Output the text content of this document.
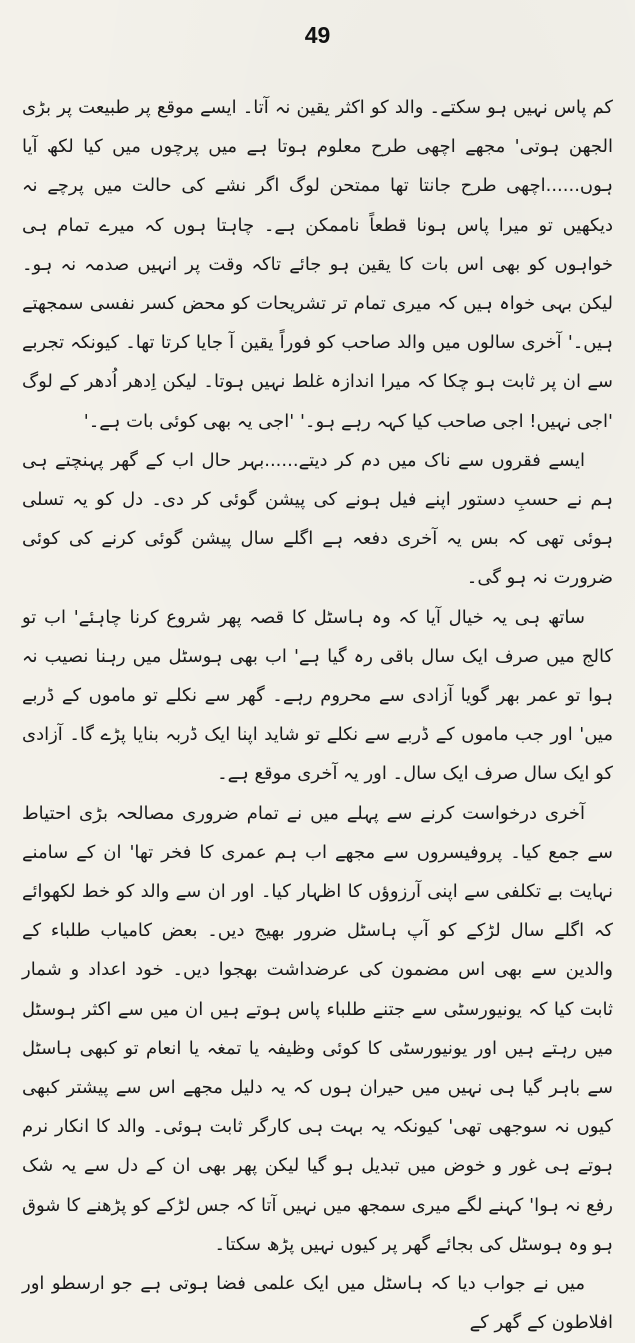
49

کم پاس نہیں ہو سکتے۔ والد کو اکثر یقین نہ آتا۔ ایسے موقع پر طبیعت پر بڑی الجھن ہوتی' مجھے اچھی طرح معلوم ہوتا ہے میں پرچوں میں کیا لکھ آیا ہوں......اچھی طرح جانتا تھا ممتحن لوگ اگر نشے کی حالت میں پرچے نہ دیکھیں تو میرا پاس ہونا قطعاً ناممکن ہے۔ چاہتا ہوں کہ میرے تمام ہی خواہوں کو بھی اس بات کا یقین ہو جائے تاکہ وقت پر انہیں صدمہ نہ ہو۔ لیکن بہی خواہ ہیں کہ میری تمام تر تشریحات کو محض کسر نفسی سمجھتے ہیں۔' آخری سالوں میں والد صاحب کو فوراً یقین آ جایا کرتا تھا۔ کیونکہ تجربے سے ان پر ثابت ہو چکا کہ میرا اندازہ غلط نہیں ہوتا۔ لیکن اِدھر اُدھر کے لوگ 'اجی نہیں! اجی صاحب کیا کہہ رہے ہو۔' 'اجی یہ بھی کوئی بات ہے۔'

ایسے فقروں سے ناک میں دم کر دیتے......بہر حال اب کے گھر پہنچتے ہی ہم نے حسبِ دستور اپنے فیل ہونے کی پیشن گوئی کر دی۔ دل کو یہ تسلی ہوئی تھی کہ بس یہ آخری دفعہ ہے اگلے سال پیشن گوئی کرنے کی کوئی ضرورت نہ ہو گی۔

ساتھ ہی یہ خیال آیا کہ وہ ہاسٹل کا قصہ پھر شروع کرنا چاہئے' اب تو کالج میں صرف ایک سال باقی رہ گیا ہے' اب بھی ہوسٹل میں رہنا نصیب نہ ہوا تو عمر بھر گویا آزادی سے محروم رہے۔ گھر سے نکلے تو ماموں کے ڈربے میں' اور جب ماموں کے ڈربے سے نکلے تو شاید اپنا ایک ڈربہ بنایا پڑے گا۔ آزادی کو ایک سال صرف ایک سال۔ اور یہ آخری موقع ہے۔

آخری درخواست کرنے سے پہلے میں نے تمام ضروری مصالحہ بڑی احتیاط سے جمع کیا۔ پروفیسروں سے مجھے اب ہم عمری کا فخر تھا' ان کے سامنے نہایت بے تکلفی سے اپنی آرزوؤں کا اظہار کیا۔ اور ان سے والد کو خط لکھوائے کہ اگلے سال لڑکے کو آپ ہاسٹل ضرور بھیج دیں۔ بعض کامیاب طلباء کے والدین سے بھی اس مضمون کی عرضداشت بھجوا دیں۔ خود اعداد و شمار ثابت کیا کہ یونیورسٹی سے جتنے طلباء پاس ہوتے ہیں ان میں سے اکثر ہوسٹل میں رہتے ہیں اور یونیورسٹی کا کوئی وظیفہ یا تمغہ یا انعام تو کبھی ہاسٹل سے باہر گیا ہی نہیں میں حیران ہوں کہ یہ دلیل مجھے اس سے پیشتر کبھی کیوں نہ سوجھی تھی' کیونکہ یہ بہت ہی کارگر ثابت ہوئی۔ والد کا انکار نرم ہوتے ہی غور و خوض میں تبدیل ہو گیا لیکن پھر بھی ان کے دل سے یہ شک رفع نہ ہوا' کہنے لگے میری سمجھ میں نہیں آتا کہ جس لڑکے کو پڑھنے کا شوق ہو وہ ہوسٹل کی بجائے گھر پر کیوں نہیں پڑھ سکتا۔

میں نے جواب دیا کہ ہاسٹل میں ایک علمی فضا ہوتی ہے جو ارسطو اور افلاطون کے گھر کے
